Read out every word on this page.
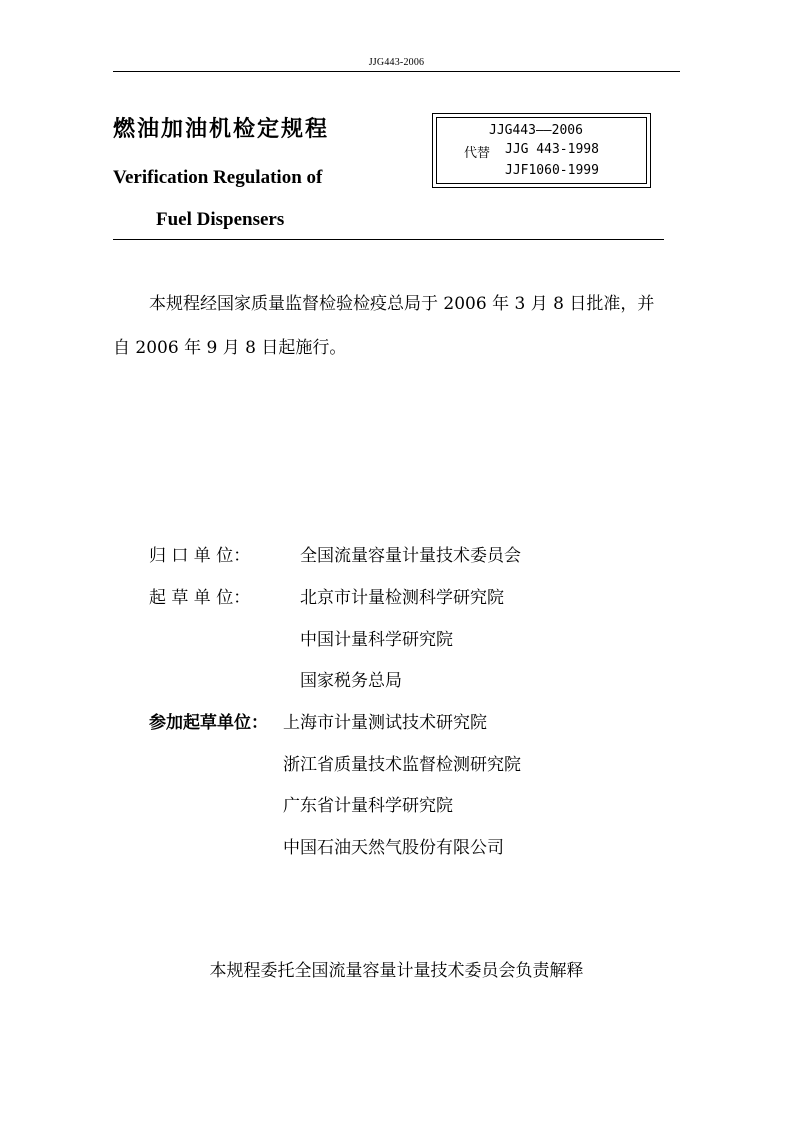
JJG443-2006
燃油加油机检定规程
Verification Regulation of
Fuel Dispensers
JJG443——2006
代替 JJG 443-1998
JJF1060-1999
本规程经国家质量监督检验检疫总局于 2006 年 3 月 8 日批准，并
自 2006 年 9 月 8 日起施行。
归 口 单 位：	全国流量容量计量技术委员会
起 草 单 位：	北京市计量检测科学研究院
中国计量科学研究院
国家税务总局
参加起草单位： 上海市计量测试技术研究院
浙江省质量技术监督检测研究院
广东省计量科学研究院
中国石油天然气股份有限公司
本规程委托全国流量容量计量技术委员会负责解释
